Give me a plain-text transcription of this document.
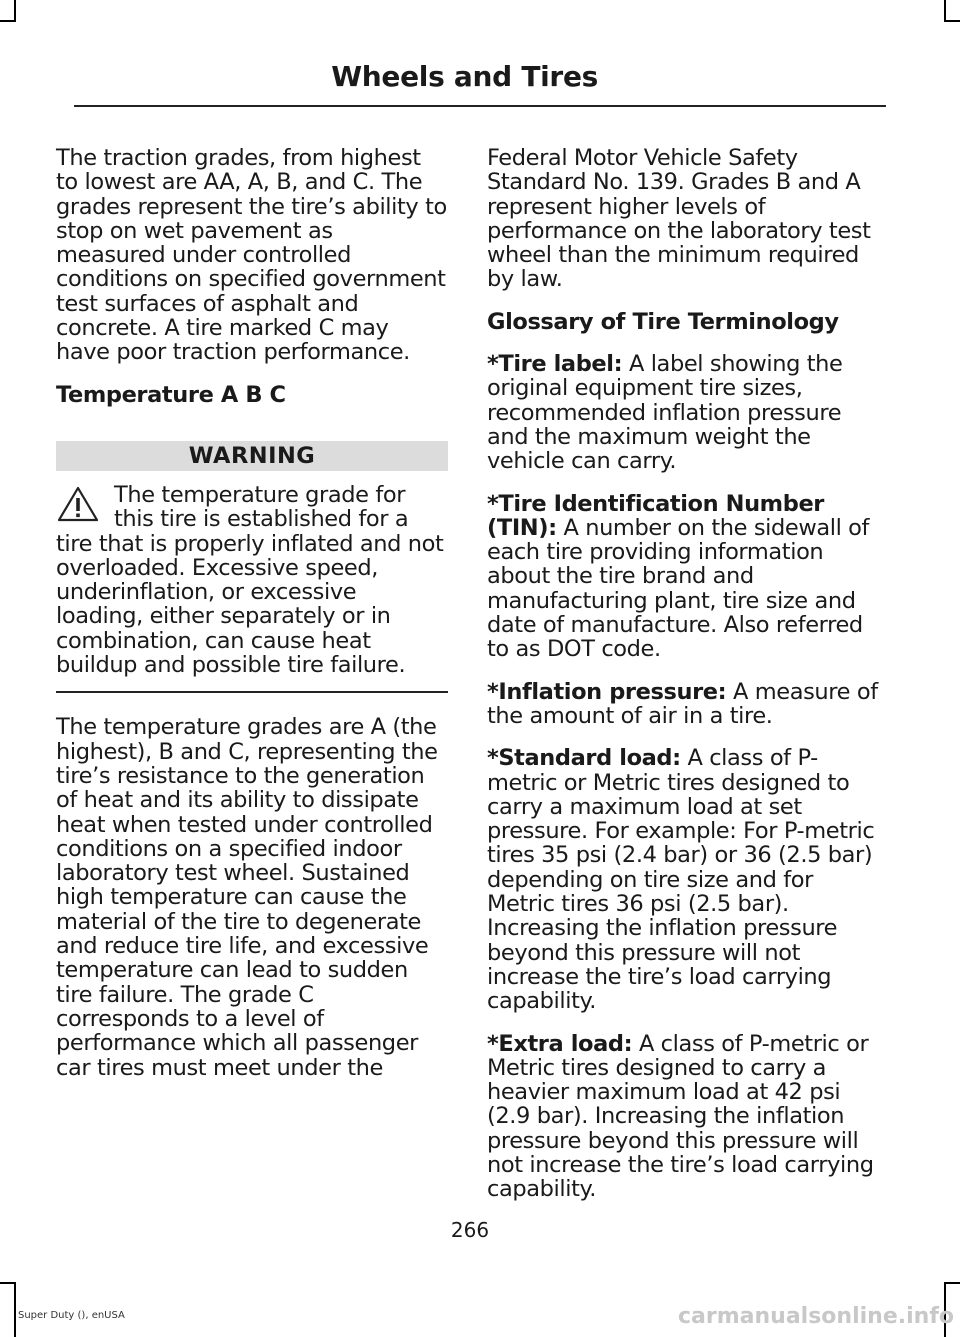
Wheels and Tires

The traction grades, from highest to lowest are AA, A, B, and C. The grades represent the tire’s ability to stop on wet pavement as measured under controlled conditions on specified government test surfaces of asphalt and concrete. A tire marked C may have poor traction performance.

Temperature A B C
WARNING
The temperature grade for this tire is established for a
tire that is properly inflated and not overloaded. Excessive speed, underinflation, or excessive loading, either separately or in combination, can cause heat buildup and possible tire failure.

The temperature grades are A (the highest), B and C, representing the tire’s resistance to the generation of heat and its ability to dissipate heat when tested under controlled conditions on a specified indoor laboratory test wheel. Sustained high temperature can cause the material of the tire to degenerate and reduce tire life, and excessive temperature can lead to sudden tire failure. The grade C corresponds to a level of performance which all passenger car tires must meet under the

Federal Motor Vehicle Safety Standard No. 139. Grades B and A represent higher levels of performance on the laboratory test wheel than the minimum required by law.

Glossary of Tire Terminology

*Tire label: A label showing the original equipment tire sizes, recommended inflation pressure and the maximum weight the vehicle can carry.

*Tire Identification Number (TIN): A number on the sidewall of each tire providing information about the tire brand and manufacturing plant, tire size and date of manufacture. Also referred to as DOT code.

*Inflation pressure: A measure of the amount of air in a tire.

*Standard load: A class of P-metric or Metric tires designed to carry a maximum load at set pressure. For example: For P-metric tires 35 psi (2.4 bar) or 36 (2.5 bar) depending on tire size and for Metric tires 36 psi (2.5 bar). Increasing the inflation pressure beyond this pressure will not increase the tire’s load carrying capability.

*Extra load: A class of P-metric or Metric tires designed to carry a heavier maximum load at 42 psi (2.9 bar). Increasing the inflation pressure beyond this pressure will not increase the tire’s load carrying capability.

266
Super Duty (), enUSA	carmanualsonline.info
